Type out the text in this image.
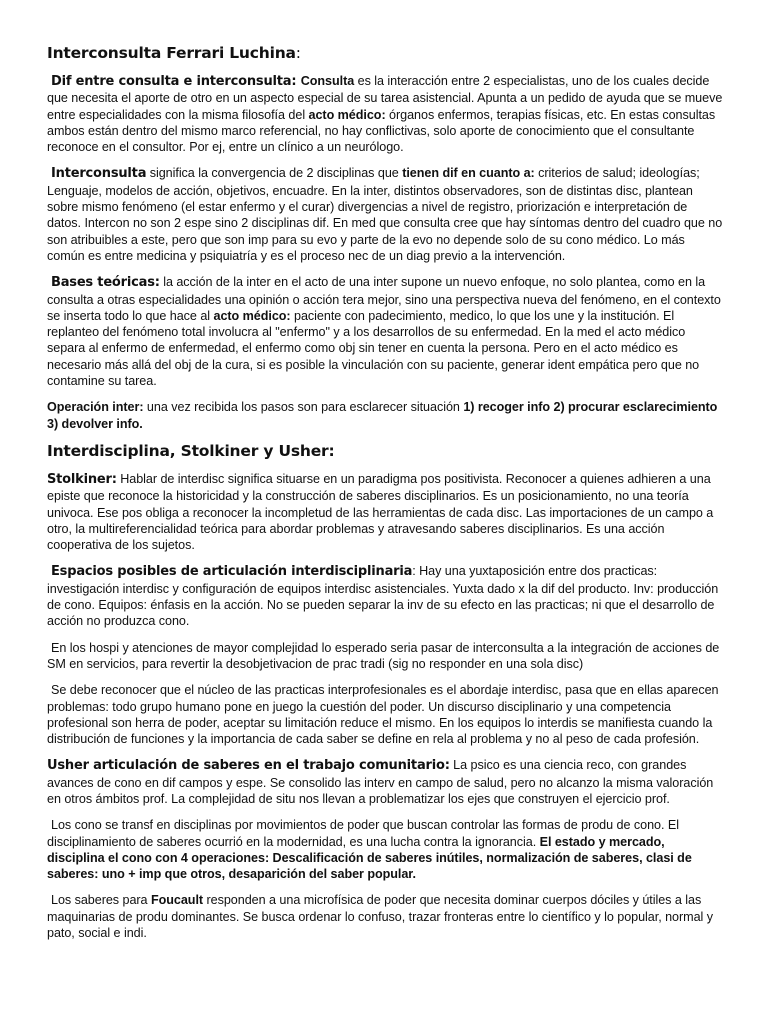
Interconsulta Ferrari Luchina:

Dif entre consulta e interconsulta: Consulta es la interacción entre 2 especialistas, uno de los cuales decide que necesita el aporte de otro en un aspecto especial de su tarea asistencial. Apunta a un pedido de ayuda que se mueve entre especialidades con la misma filosofía del acto médico: órganos enfermos, terapias físicas, etc. En estas consultas ambos están dentro del mismo marco referencial, no hay conflictivas, solo aporte de conocimiento que el consultante reconoce en el consultor. Por ej, entre un clínico a un neurólogo.

Interconsulta significa la convergencia de 2 disciplinas que tienen dif en cuanto a: criterios de salud; ideologías; Lenguaje, modelos de acción, objetivos, encuadre. En la inter, distintos observadores, son de distintas disc, plantean sobre mismo fenómeno (el estar enfermo y el curar) divergencias a nivel de registro, priorización e interpretación de datos. Intercon no son 2 espe sino 2 disciplinas dif. En med que consulta cree que hay síntomas dentro del cuadro que no son atribuibles a este, pero que son imp para su evo y parte de la evo no depende solo de su cono médico. Lo más común es entre medicina y psiquiatría y es el proceso nec de un diag previo a la intervención.

Bases teóricas: la acción de la inter en el acto de una inter supone un nuevo enfoque, no solo plantea, como en la consulta a otras especialidades una opinión o acción tera mejor, sino una perspectiva nueva del fenómeno, en el contexto se inserta todo lo que hace al acto médico: paciente con padecimiento, medico, lo que los une y la institución. El replanteo del fenómeno total involucra al "enfermo" y a los desarrollos de su enfermedad. En la med el acto médico separa al enfermo de enfermedad, el enfermo como obj sin tener en cuenta la persona. Pero en el acto médico es necesario más allá del obj de la cura, si es posible la vinculación con su paciente, generar ident empática pero que no contamine su tarea.

Operación inter: una vez recibida los pasos son para esclarecer situación 1) recoger info 2) procurar esclarecimiento 3) devolver info.

Interdisciplina, Stolkiner y Usher:

Stolkiner: Hablar de interdisc significa situarse en un paradigma pos positivista. Reconocer a quienes adhieren a una episte que reconoce la historicidad y la construcción de saberes disciplinarios. Es un posicionamiento, no una teoría univoca. Ese pos obliga a reconocer la incompletud de las herramientas de cada disc. Las importaciones de un campo a otro, la multireferencialidad teórica para abordar problemas y atravesando saberes disciplinarios. Es una acción cooperativa de los sujetos.

Espacios posibles de articulación interdisciplinaria: Hay una yuxtaposición entre dos practicas: investigación interdisc y configuración de equipos interdisc asistenciales. Yuxta dado x la dif del producto. Inv: producción de cono. Equipos: énfasis en la acción. No se pueden separar la inv de su efecto en las practicas; ni que el desarrollo de acción no produzca cono.

En los hospi y atenciones de mayor complejidad lo esperado seria pasar de interconsulta a la integración de acciones de SM en servicios, para revertir la desobjetivacion de prac tradi (sig no responder en una sola disc)

Se debe reconocer que el núcleo de las practicas interprofesionales es el abordaje interdisc, pasa que en ellas aparecen problemas: todo grupo humano pone en juego la cuestión del poder. Un discurso disciplinario y una competencia profesional son herra de poder, aceptar su limitación reduce el mismo. En los equipos lo interdis se manifiesta cuando la distribución de funciones y la importancia de cada saber se define en rela al problema y no al peso de cada profesión.

Usher articulación de saberes en el trabajo comunitario: La psico es una ciencia reco, con grandes avances de cono en dif campos y espe. Se consolido las interv en campo de salud, pero no alcanzo la misma valoración en otros ámbitos prof. La complejidad de situ nos llevan a problematizar los ejes que construyen el ejercicio prof.

Los cono se transf en disciplinas por movimientos de poder que buscan controlar las formas de produ de cono. El disciplinamiento de saberes ocurrió en la modernidad, es una lucha contra la ignorancia. El estado y mercado, disciplina el cono con 4 operaciones: Descalificación de saberes inútiles, normalización de saberes, clasi de saberes: uno + imp que otros, desaparición del saber popular.

Los saberes para Foucault responden a una microfísica de poder que necesita dominar cuerpos dóciles y útiles a las maquinarias de produ dominantes. Se busca ordenar lo confuso, trazar fronteras entre lo científico y lo popular, normal y pato, social e indi.
